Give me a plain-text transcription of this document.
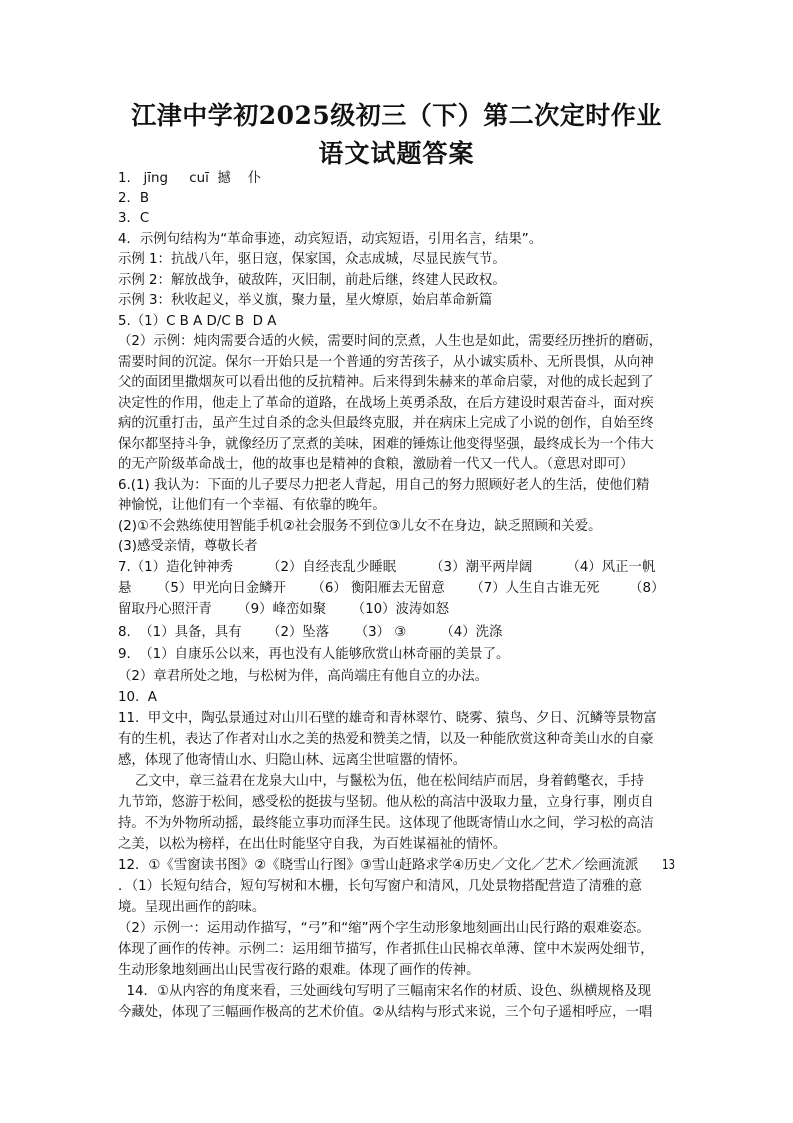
江津中学初2025级初三（下）第二次定时作业
语文试题答案
1.   jīng     cuī  撼    仆
2．B
3．C
4．示例句结构为“革命事迹，动宾短语，动宾短语，引用名言，结果”。
示例 1：抗战八年，驱日寇，保家国，众志成城，尽显民族气节。
示例 2：解放战争，破敌阵，灭旧制，前赴后继，终建人民政权。
示例 3：秋收起义，举义旗，聚力量，星火燎原，始启革命新篇
5.（1）C B A D/C B  D A
（2）示例：炖肉需要合适的火候，需要时间的烹煮，人生也是如此，需要经历挫折的磨砺，
需要时间的沉淀。保尔一开始只是一个普通的穷苦孩子，从小诚实质朴、无所畏惧，从向神
父的面团里撒烟灰可以看出他的反抗精神。后来得到朱赫来的革命启蒙，对他的成长起到了
决定性的作用，他走上了革命的道路，在战场上英勇杀敌，在后方建设时艰苦奋斗，面对疾
病的沉重打击，虽产生过自杀的念头但最终克服，并在病床上完成了小说的创作，自始至终
保尔都坚持斗争，就像经历了烹煮的美味，困难的锤炼让他变得坚强，最终成长为一个伟大
的无产阶级革命战士，他的故事也是精神的食粮，激励着一代又一代人。（意思对即可）
6.(1) 我认为：下面的儿子要尽力把老人背起，用自己的努力照顾好老人的生活，使他们精
神愉悦，让他们有一个幸福、有依靠的晚年。
(2)①不会熟练使用智能手机②社会服务不到位③儿女不在身边，缺乏照顾和关爱。
(3)感受亲情，尊敬长者
7.（1）造化钟神秀        （2）自经丧乱少睡眠        （3）潮平两岸阔        （4）风正一帆
悬      （5）甲光向日金鳞开      （6） 衡阳雁去无留意      （7）人生自古谁无死       （8）
留取丹心照汗青      （9）峰峦如聚      （10）波涛如怒
8.  （1）具备，具有      （2）坠落      （3） ③        （4）洗涤
9.  （1）自康乐公以来，再也没有人能够欣赏山林奇丽的美景了。
（2）章君所处之地，与松树为伴，高尚端庄有他自立的办法。
10.  A
11.  甲文中，陶弘景通过对山川石壁的雄奇和青林翠竹、晓雾、猿鸟、夕日、沉鳞等景物富
有的生机，表达了作者对山水之美的热爱和赞美之情，以及一种能欣赏这种奇美山水的自豪
感，体现了他寄情山水、归隐山林、远离尘世喧嚣的情怀。
乙文中，章三益君在龙泉大山中，与鬣松为伍，他在松间结庐而居，身着鹤氅衣，手持
九节笻，悠游于松间，感受松的挺拔与坚韧。他从松的高洁中汲取力量，立身行事，刚贞自
持。不为外物所动摇，最终能立事功而泽生民。这体现了他既寄情山水之间，学习松的高洁
之美，以松为榜样，在出仕时能坚守自我，为百姓谋福祉的情怀。
12．①《雪窗读书图》②《晓雪山行图》③雪山赶路求学④历史／文化／艺术／绘画流派 13
．（1）长短句结合，短句写树和木栅，长句写窗户和清风，几处景物搭配营造了清雅的意
境。呈现出画作的韵味。
（2）示例一：运用动作描写，“弓”和“缩”两个字生动形象地刻画出山民行路的艰难姿态。
体现了画作的传神。示例二：运用细节描写，作者抓住山民棉衣单薄、筐中木炭两处细节，
生动形象地刻画出山民雪夜行路的艰难。体现了画作的传神。
14．①从内容的角度来看，三处画线句写明了三幅南宋名作的材质、设色、纵横规格及现
今藏处，体现了三幅画作极高的艺术价值。②从结构与形式来说，三个句子遥相呼应，一唱
